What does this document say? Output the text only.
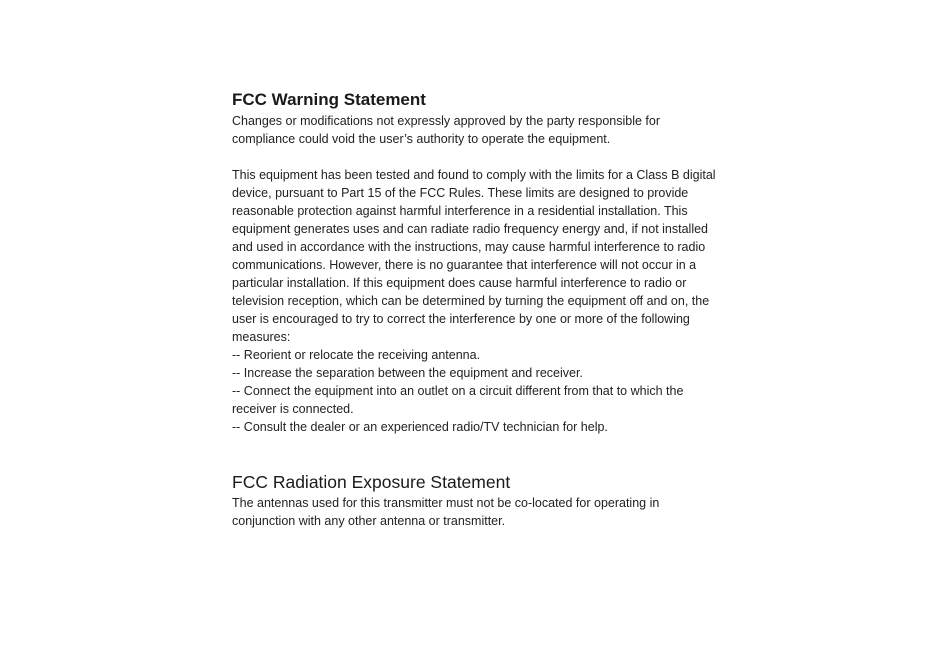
FCC Warning Statement

Changes or modifications not expressly approved by the party responsible for

compliance could void the user’s authority to operate the equipment.

This equipment has been tested and found to comply with the limits for a Class B digital

device, pursuant to Part 15 of the FCC Rules. These limits are designed to provide

reasonable protection against harmful interference in a residential installation. This

equipment generates uses and can radiate radio frequency energy and, if not installed

and used in accordance with the instructions, may cause harmful interference to radio

communications. However, there is no guarantee that interference will not occur in a

particular installation. If this equipment does cause harmful interference to radio or

television reception, which can be determined by turning the equipment off and on, the

user is encouraged to try to correct the interference by one or more of the following

measures:

-- Reorient or relocate the receiving antenna.

-- Increase the separation between the equipment and receiver.

-- Connect the equipment into an outlet on a circuit different from that to which the

receiver is connected.

-- Consult the dealer or an experienced radio/TV technician for help.

FCC Radiation Exposure Statement

The antennas used for this transmitter must not be co-located for operating in

conjunction with any other antenna or transmitter.
